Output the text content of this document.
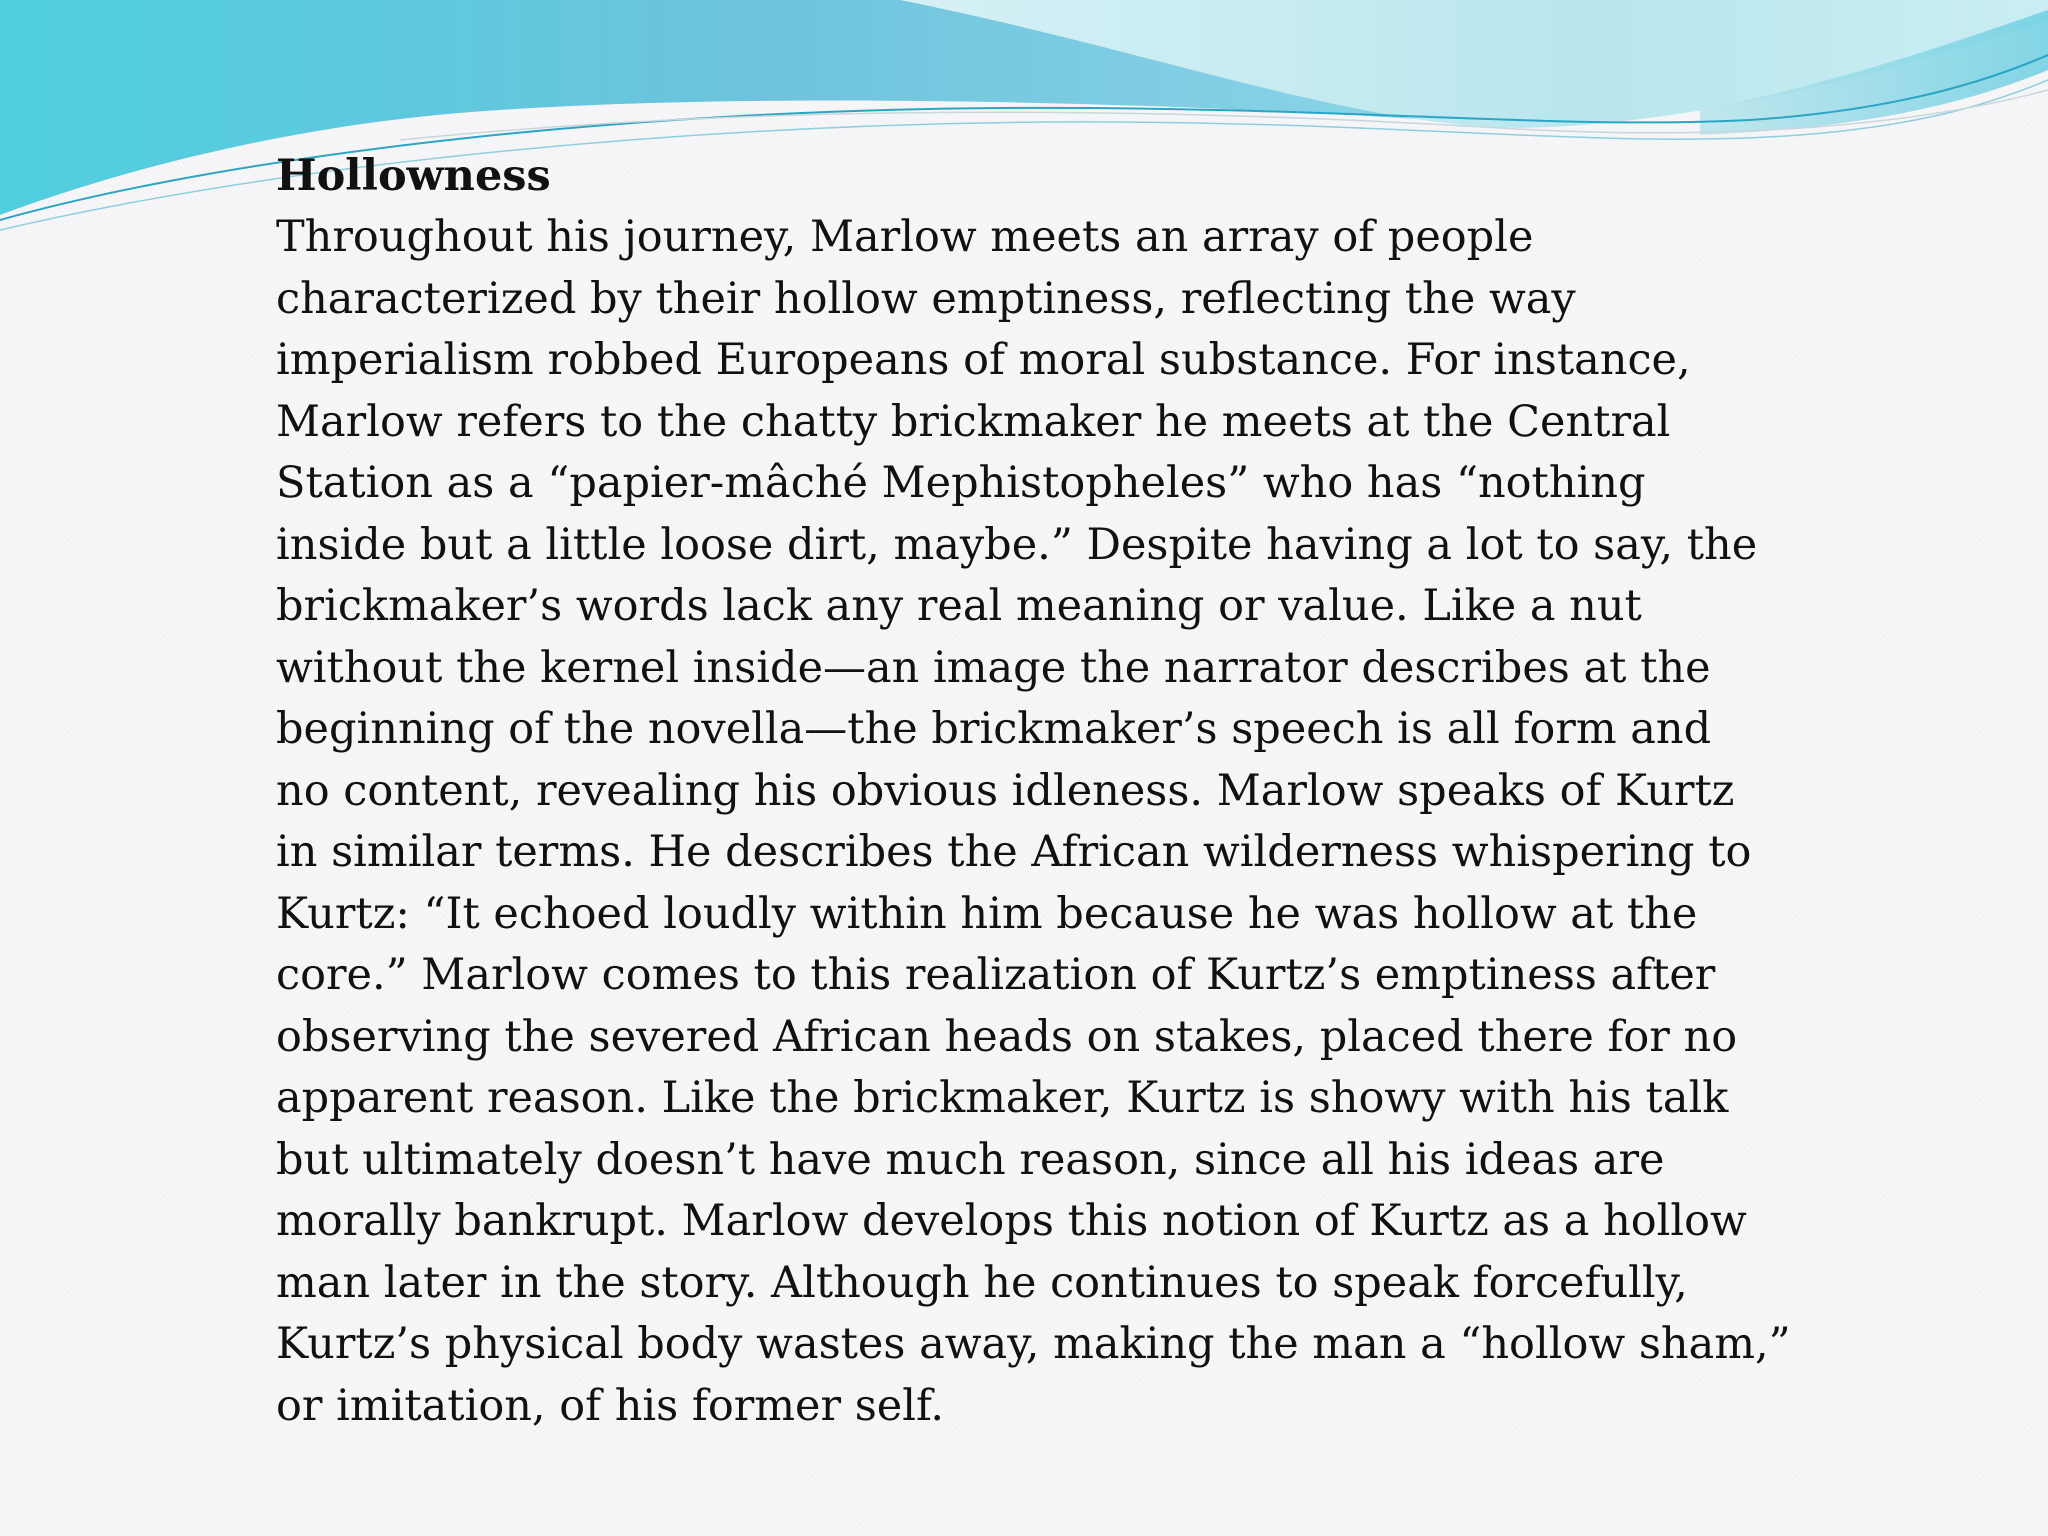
Hollowness
Throughout his journey, Marlow meets an array of people
characterized by their hollow emptiness, reflecting the way
imperialism robbed Europeans of moral substance. For instance,
Marlow refers to the chatty brickmaker he meets at the Central
Station as a “papier-mâché Mephistopheles” who has “nothing
inside but a little loose dirt, maybe.” Despite having a lot to say, the
brickmaker’s words lack any real meaning or value. Like a nut
without the kernel inside—an image the narrator describes at the
beginning of the novella—the brickmaker’s speech is all form and
no content, revealing his obvious idleness. Marlow speaks of Kurtz
in similar terms. He describes the African wilderness whispering to
Kurtz: “It echoed loudly within him because he was hollow at the
core.” Marlow comes to this realization of Kurtz’s emptiness after
observing the severed African heads on stakes, placed there for no
apparent reason. Like the brickmaker, Kurtz is showy with his talk
but ultimately doesn’t have much reason, since all his ideas are
morally bankrupt. Marlow develops this notion of Kurtz as a hollow
man later in the story. Although he continues to speak forcefully,
Kurtz’s physical body wastes away, making the man a “hollow sham,”
or imitation, of his former self.
